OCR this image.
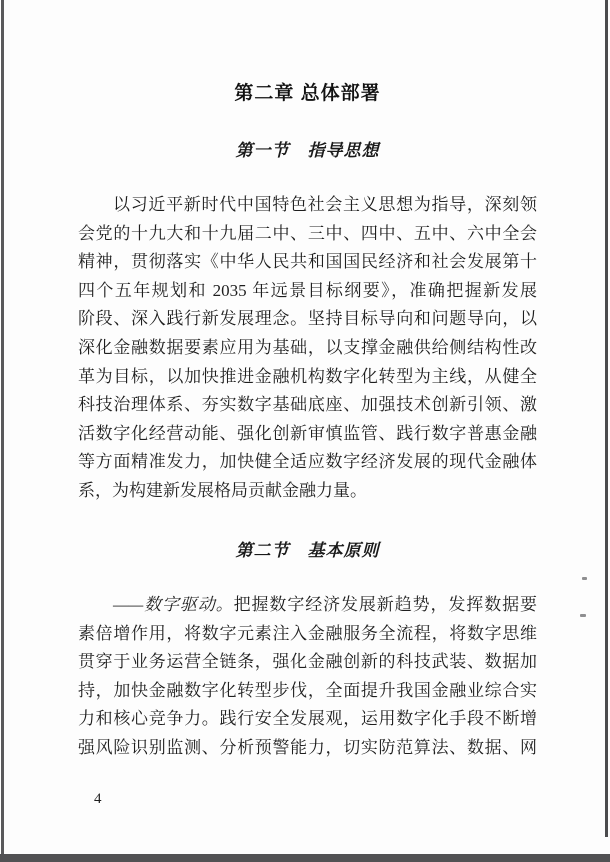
第二章 总体部署
第一节　指导思想
以习近平新时代中国特色社会主义思想为指导，深刻领
会党的十九大和十九届二中、三中、四中、五中、六中全会
精神，贯彻落实《中华人民共和国国民经济和社会发展第十
四个五年规划和 2035 年远景目标纲要》，准确把握新发展
阶段、深入践行新发展理念。坚持目标导向和问题导向，以
深化金融数据要素应用为基础，以支撑金融供给侧结构性改
革为目标，以加快推进金融机构数字化转型为主线，从健全
科技治理体系、夯实数字基础底座、加强技术创新引领、激
活数字化经营动能、强化创新审慎监管、践行数字普惠金融
等方面精准发力，加快健全适应数字经济发展的现代金融体
系，为构建新发展格局贡献金融力量。
第二节　基本原则
——数字驱动。把握数字经济发展新趋势，发挥数据要
素倍增作用，将数字元素注入金融服务全流程，将数字思维
贯穿于业务运营全链条，强化金融创新的科技武装、数据加
持，加快金融数字化转型步伐，全面提升我国金融业综合实
力和核心竞争力。践行安全发展观，运用数字化手段不断增
强风险识别监测、分析预警能力，切实防范算法、数据、网
4
